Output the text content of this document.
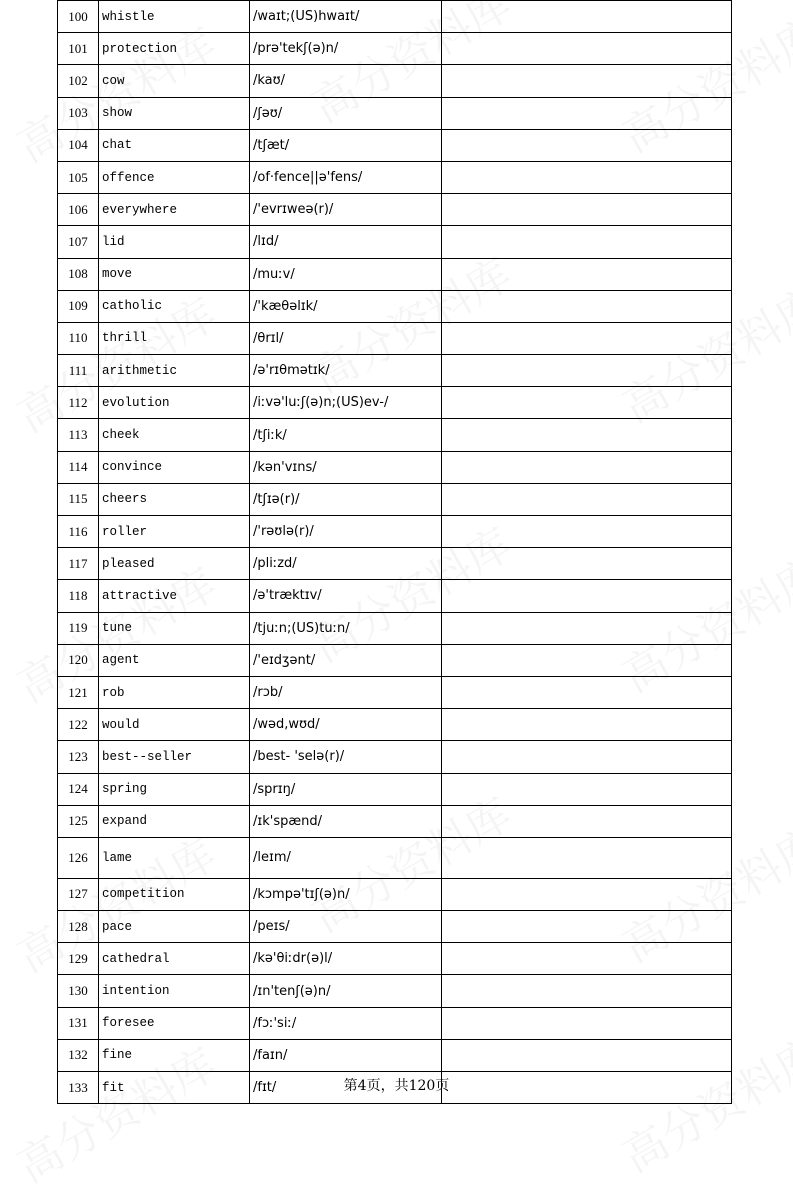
100	whistle	/waɪt;(US)hwaɪt/	
101	protection	/prə'tekʃ(ə)n/	
102	cow	/kaʊ/	
103	show	/ʃəʊ/	
104	chat	/tʃæt/	
105	offence	/of·fence||ə'fens/	
106	everywhere	/'evrɪweə(r)/	
107	lid	/lɪd/	
108	move	/muːv/	
109	catholic	/'kæθəlɪk/	
110	thrill	/θrɪl/	
111	arithmetic	/ə'rɪθmətɪk/	
112	evolution	/iːvə'luːʃ(ə)n;(US)ev-/	
113	cheek	/tʃiːk/	
114	convince	/kən'vɪns/	
115	cheers	/tʃɪə(r)/	
116	roller	/'rəʊlə(r)/	
117	pleased	/pliːzd/	
118	attractive	/ə'træktɪv/	
119	tune	/tjuːn;(US)tuːn/	
120	agent	/'eɪdʒənt/	
121	rob	/rɔb/	
122	would	/wəd,wʊd/	
123	best--seller	/best- 'selə(r)/	
124	spring	/sprɪŋ/	
125	expand	/ɪk'spænd/	
126	lame	/leɪm/	
127	competition	/kɔmpə'tɪʃ(ə)n/	
128	pace	/peɪs/	
129	cathedral	/kə'θiːdr(ə)l/	
130	intention	/ɪn'tenʃ(ə)n/	
131	foresee	/fɔː'siː/	
132	fine	/faɪn/	
133	fit	/fɪt/		第4页，共120页
